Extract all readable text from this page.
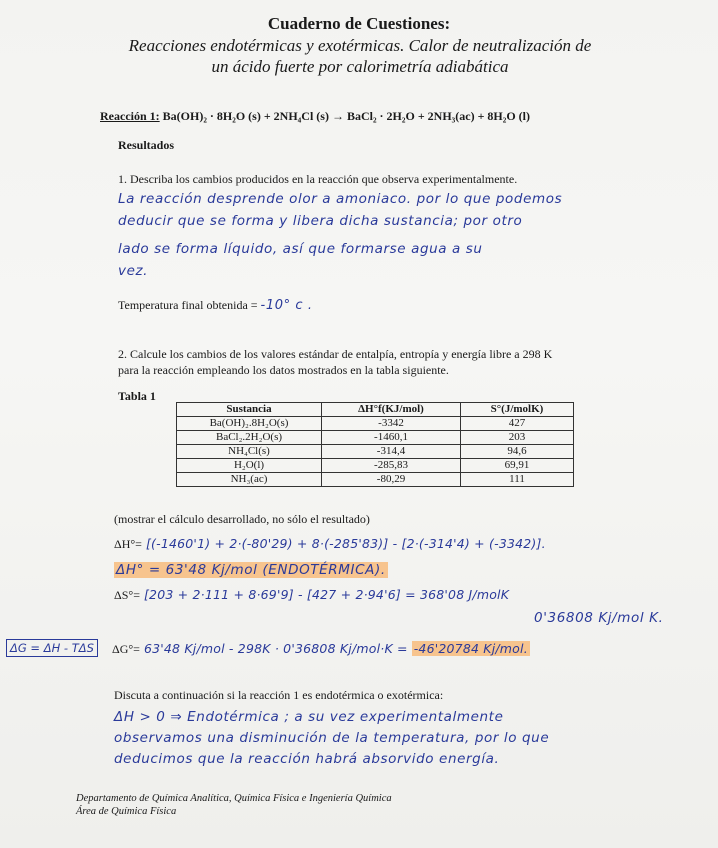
Cuaderno de Cuestiones:
Reacciones endotérmicas y exotérmicas. Calor de neutralización de
un ácido fuerte por calorimetría adiabática
Reacción 1: Ba(OH)₂ · 8H₂O (s) + 2NH₄Cl (s) → BaCl₂ · 2H₂O + 2NH₃(ac) + 8H₂O (l)
Resultados
1. Describa los cambios producidos en la reacción que observa experimentalmente.
La reacción desprende olor a amoniaco. por lo que podemos
deducir que se forma y libera dicha sustancia; por otro
lado se forma líquido, así que formarse agua a su
vez.
Temperatura final obtenida = -10° c .
2. Calcule los cambios de los valores estándar de entalpía, entropía y energía libre a 298 K
para la reacción empleando los datos mostrados en la tabla siguiente.
Tabla 1
Sustancia	ΔH°f(KJ/mol)	S°(J/molK)
Ba(OH)₂.8H₂O(s)	-3342	427
BaCl₂.2H₂O(s)	-1460,1	203
NH₄Cl(s)	-314,4	94,6
H₂O(l)	-285,83	69,91
NH₃(ac)	-80,29	111
(mostrar el cálculo desarrollado, no sólo el resultado)
ΔH°= [(-1460'1) + 2·(-80'29) + 8·(-285'83)] - [2·(-314'4) + (-3342)].
ΔH° = 63'48 Kj/mol (ENDOTÉRMICA).
ΔS°= [203 + 2·111 + 8·69'9] - [427 + 2·94'6] = 368'08 J/molK
0'36808 Kj/mol K.
ΔG = ΔH - TΔS	ΔG°= 63'48 Kj/mol - 298K · 0'36808 Kj/mol·K = -46'20784 Kj/mol.
Discuta a continuación si la reacción 1 es endotérmica o exotérmica:
ΔH > 0 ⇒ Endotérmica ; a su vez experimentalmente
observamos una disminución de la temperatura, por lo que
deducimos que la reacción habrá absorvido energía.
Departamento de Química Analítica, Química Física e Ingeniería Química
Área de Química Física
